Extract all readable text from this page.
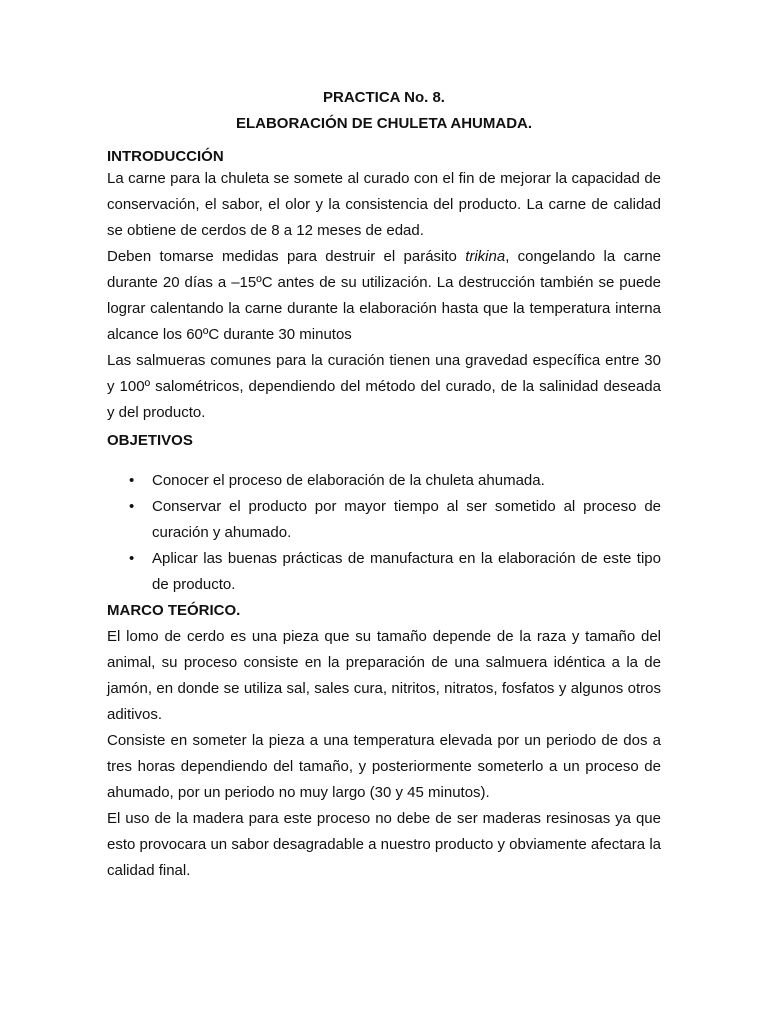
PRACTICA No. 8.
ELABORACIÓN DE CHULETA AHUMADA.
INTRODUCCIÓN

La carne para la chuleta se somete al curado con el fin de mejorar la capacidad de conservación, el sabor, el olor y la consistencia del producto. La carne de calidad se obtiene de cerdos de 8 a 12 meses de edad.

Deben tomarse medidas para destruir el parásito trikina, congelando la carne durante 20 días a –15ºC antes de su utilización. La destrucción también se puede lograr calentando la carne durante la elaboración hasta que la temperatura interna alcance los 60ºC durante 30 minutos

Las salmueras comunes para la curación tienen una gravedad específica entre 30 y 100º salométricos, dependiendo del método del curado, de la salinidad deseada y del producto.

OBJETIVOS
• Conocer el proceso de elaboración de la chuleta ahumada.
• Conservar el producto por mayor tiempo al ser sometido al proceso de curación y ahumado.
• Aplicar las buenas prácticas de manufactura en la elaboración de este tipo de producto.
MARCO TEÓRICO.

El lomo de cerdo es una pieza que su tamaño depende de la raza y tamaño del animal, su proceso consiste en la preparación de una salmuera idéntica a la de jamón, en donde se utiliza sal, sales cura, nitritos, nitratos, fosfatos y algunos otros aditivos.

Consiste en someter la pieza a una temperatura elevada por un periodo de dos a tres horas dependiendo del tamaño, y posteriormente someterlo a un proceso de ahumado, por un periodo no muy largo (30 y 45 minutos).

El uso de la madera para este proceso no debe de ser maderas resinosas ya que esto provocara un sabor desagradable a nuestro producto y obviamente afectara la calidad final.
